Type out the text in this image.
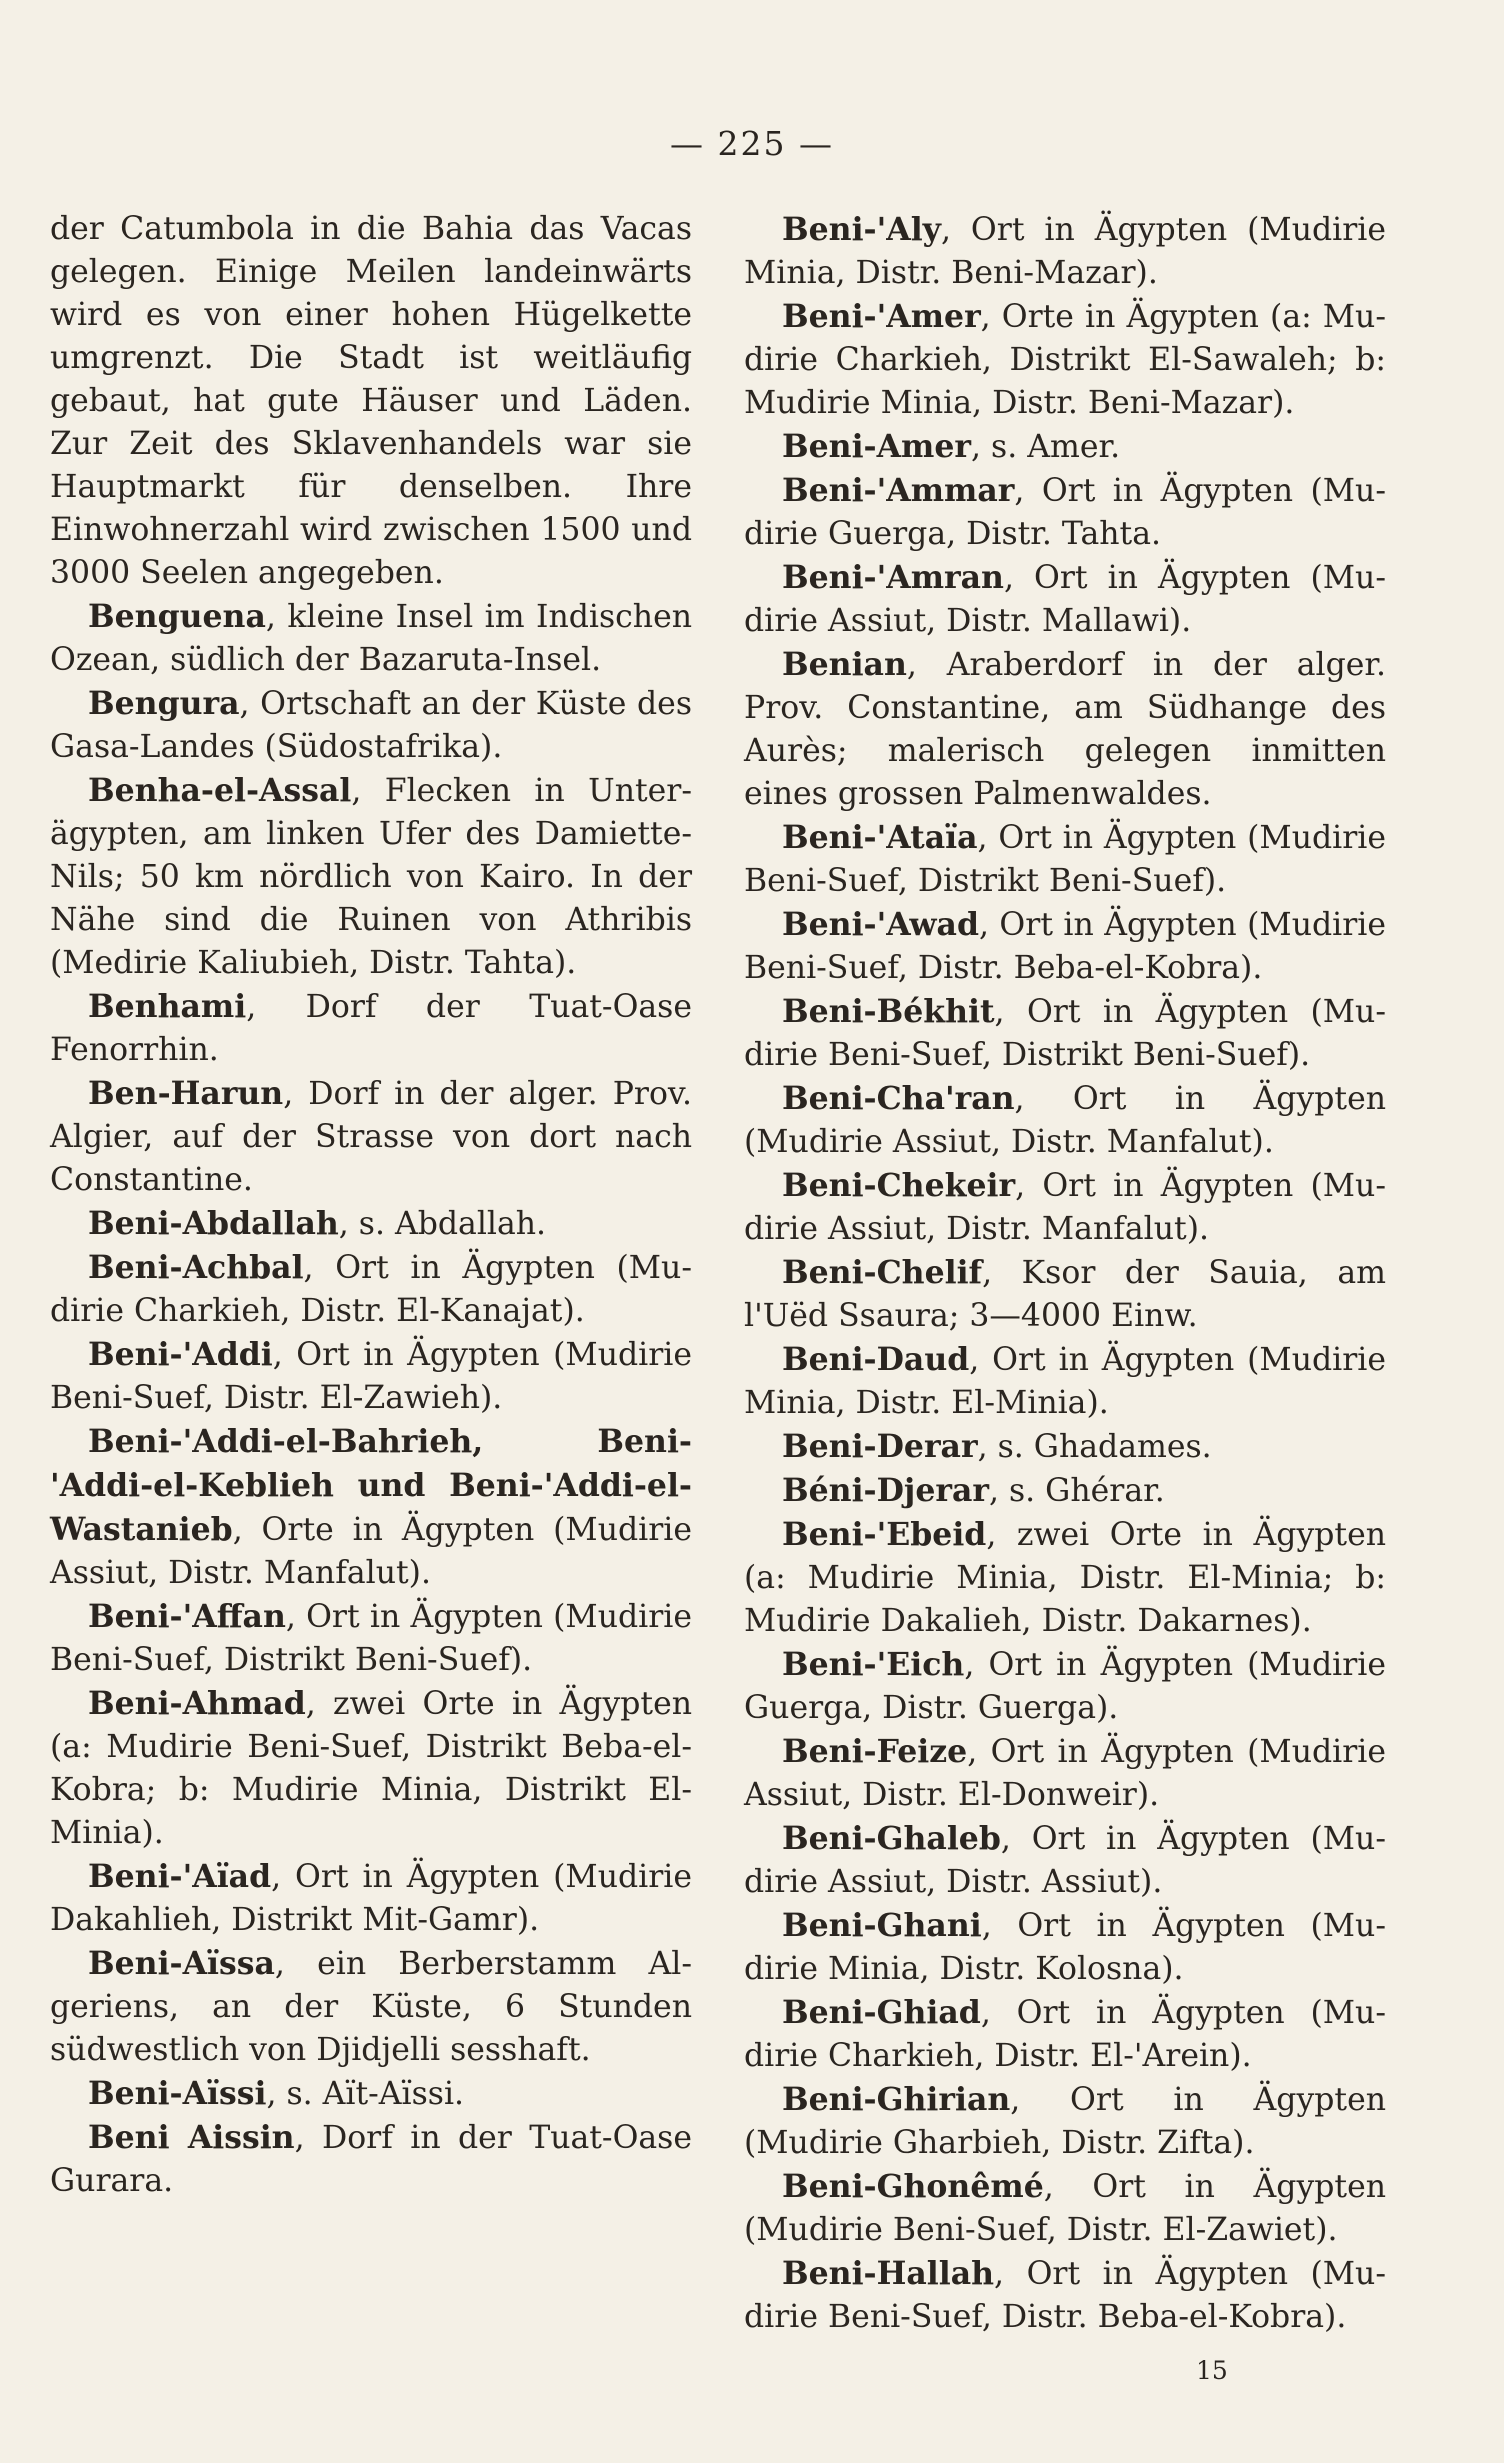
— 225 —

der Catumbola in die Bahia das Vacas gelegen. Einige Meilen landeinwärts wird es von einer hohen Hügelkette umgrenzt. Die Stadt ist weitläufig gebaut, hat gute Häuser und Läden. Zur Zeit des Sklavenhandels war sie Hauptmarkt für denselben. Ihre Einwohnerzahl wird zwischen 1500 und 3000 Seelen angegeben.

Benguena, kleine Insel im Indischen Ozean, südlich der Bazaruta-Insel.

Bengura, Ortschaft an der Küste des Gasa-Landes (Südostafrika).

Benha-el-Assal, Flecken in Unterägypten, am linken Ufer des Damiette-Nils; 50 km nördlich von Kairo. In der Nähe sind die Ruinen von Athribis (Medirie Kaliubieh, Distr. Tahta).

Benhami, Dorf der Tuat-Oase Fenorrhin.

Ben-Harun, Dorf in der alger. Prov. Algier, auf der Strasse von dort nach Constantine.

Beni-Abdallah, s. Abdallah.

Beni-Achbal, Ort in Ägypten (Mudirie Charkieh, Distr. El-Kanajat).

Beni-'Addi, Ort in Ägypten (Mudirie Beni-Suef, Distr. El-Zawieh).

Beni-'Addi-el-Bahrieh, Beni-'Addi-el-Keblieh und Beni-'Addi-el-Wastanieb, Orte in Ägypten (Mudirie Assiut, Distr. Manfalut).

Beni-'Affan, Ort in Ägypten (Mudirie Beni-Suef, Distrikt Beni-Suef).

Beni-Ahmad, zwei Orte in Ägypten (a: Mudirie Beni-Suef, Distrikt Beba-el-Kobra; b: Mudirie Minia, Distrikt El-Minia).

Beni-'Aïad, Ort in Ägypten (Mudirie Dakahlieh, Distrikt Mit-Gamr).

Beni-Aïssa, ein Berberstamm Algeriens, an der Küste, 6 Stunden südwestlich von Djidjelli sesshaft.

Beni-Aïssi, s. Aït-Aïssi.

Beni Aissin, Dorf in der Tuat-Oase Gurara.

Beni-'Aly, Ort in Ägypten (Mudirie Minia, Distr. Beni-Mazar).

Beni-'Amer, Orte in Ägypten (a: Mudirie Charkieh, Distrikt El-Sawaleh; b: Mudirie Minia, Distr. Beni-Mazar).

Beni-Amer, s. Amer.

Beni-'Ammar, Ort in Ägypten (Mudirie Guerga, Distr. Tahta.

Beni-'Amran, Ort in Ägypten (Mudirie Assiut, Distr. Mallawi).

Benian, Araberdorf in der alger. Prov. Constantine, am Südhange des Aurès; malerisch gelegen inmitten eines grossen Palmenwaldes.

Beni-'Ataïa, Ort in Ägypten (Mudirie Beni-Suef, Distrikt Beni-Suef).

Beni-'Awad, Ort in Ägypten (Mudirie Beni-Suef, Distr. Beba-el-Kobra).

Beni-Békhit, Ort in Ägypten (Mudirie Beni-Suef, Distrikt Beni-Suef).

Beni-Cha'ran, Ort in Ägypten (Mudirie Assiut, Distr. Manfalut).

Beni-Chekeir, Ort in Ägypten (Mudirie Assiut, Distr. Manfalut).

Beni-Chelif, Ksor der Sauia, am l'Uëd Ssaura; 3—4000 Einw.

Beni-Daud, Ort in Ägypten (Mudirie Minia, Distr. El-Minia).

Beni-Derar, s. Ghadames.

Béni-Djerar, s. Ghérar.

Beni-'Ebeid, zwei Orte in Ägypten (a: Mudirie Minia, Distr. El-Minia; b: Mudirie Dakalieh, Distr. Dakarnes).

Beni-'Eich, Ort in Ägypten (Mudirie Guerga, Distr. Guerga).

Beni-Feize, Ort in Ägypten (Mudirie Assiut, Distr. El-Donweir).

Beni-Ghaleb, Ort in Ägypten (Mudirie Assiut, Distr. Assiut).

Beni-Ghani, Ort in Ägypten (Mudirie Minia, Distr. Kolosna).

Beni-Ghiad, Ort in Ägypten (Mudirie Charkieh, Distr. El-'Arein).

Beni-Ghirian, Ort in Ägypten (Mudirie Gharbieh, Distr. Zifta).

Beni-Ghonêmé, Ort in Ägypten (Mudirie Beni-Suef, Distr. El-Zawiet).

Beni-Hallah, Ort in Ägypten (Mudirie Beni-Suef, Distr. Beba-el-Kobra).

15
